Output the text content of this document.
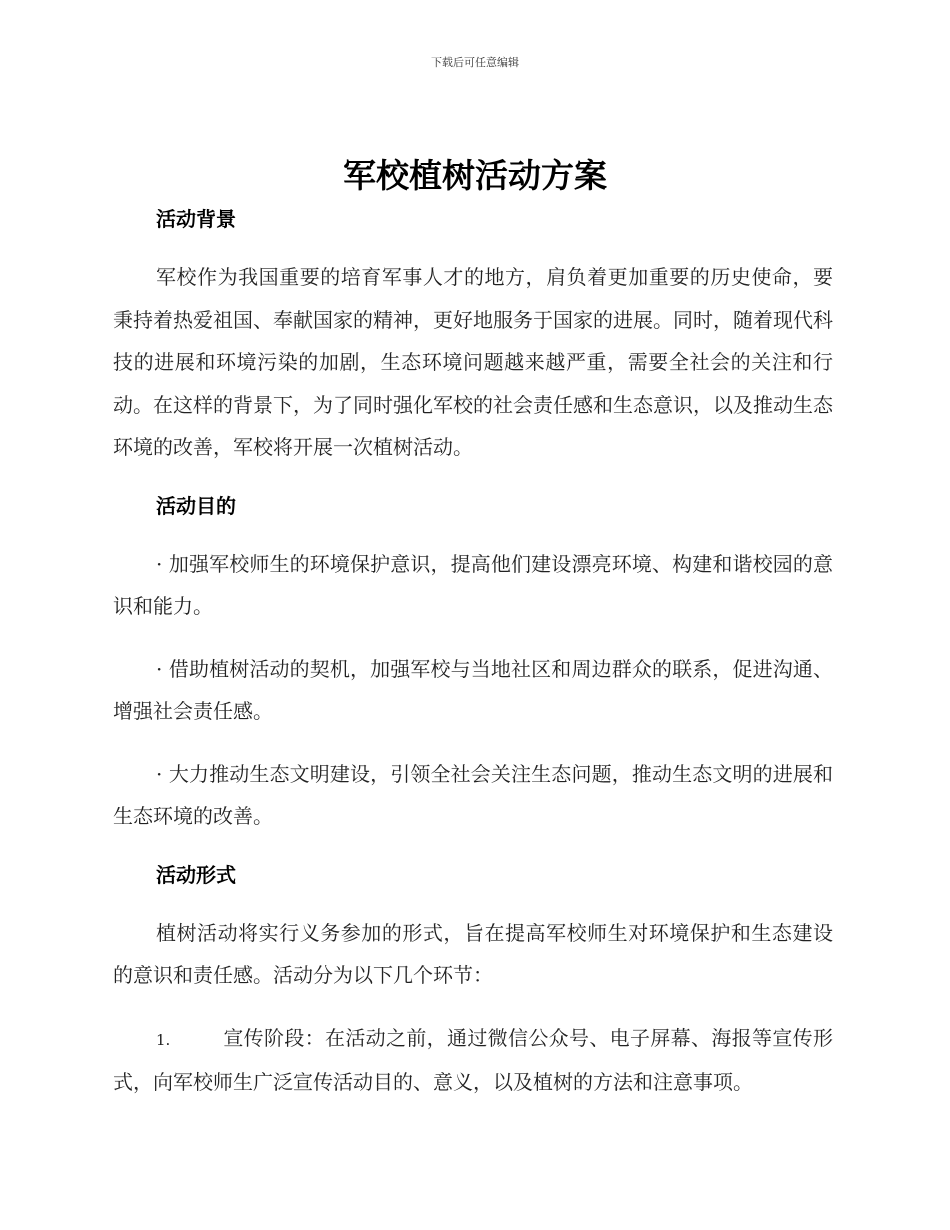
下载后可任意编辑
军校植树活动方案
活动背景

军校作为我国重要的培育军事人才的地方，肩负着更加重要的历史使命，要秉持着热爱祖国、奉献国家的精神，更好地服务于国家的进展。同时，随着现代科技的进展和环境污染的加剧，生态环境问题越来越严重，需要全社会的关注和行动。在这样的背景下，为了同时强化军校的社会责任感和生态意识，以及推动生态环境的改善，军校将开展一次植树活动。

活动目的

· 加强军校师生的环境保护意识，提高他们建设漂亮环境、构建和谐校园的意识和能力。

· 借助植树活动的契机，加强军校与当地社区和周边群众的联系，促进沟通、增强社会责任感。

· 大力推动生态文明建设，引领全社会关注生态问题，推动生态文明的进展和生态环境的改善。

活动形式

植树活动将实行义务参加的形式，旨在提高军校师生对环境保护和生态建设的意识和责任感。活动分为以下几个环节：

1.	宣传阶段：在活动之前，通过微信公众号、电子屏幕、海报等宣传形式，向军校师生广泛宣传活动目的、意义，以及植树的方法和注意事项。
